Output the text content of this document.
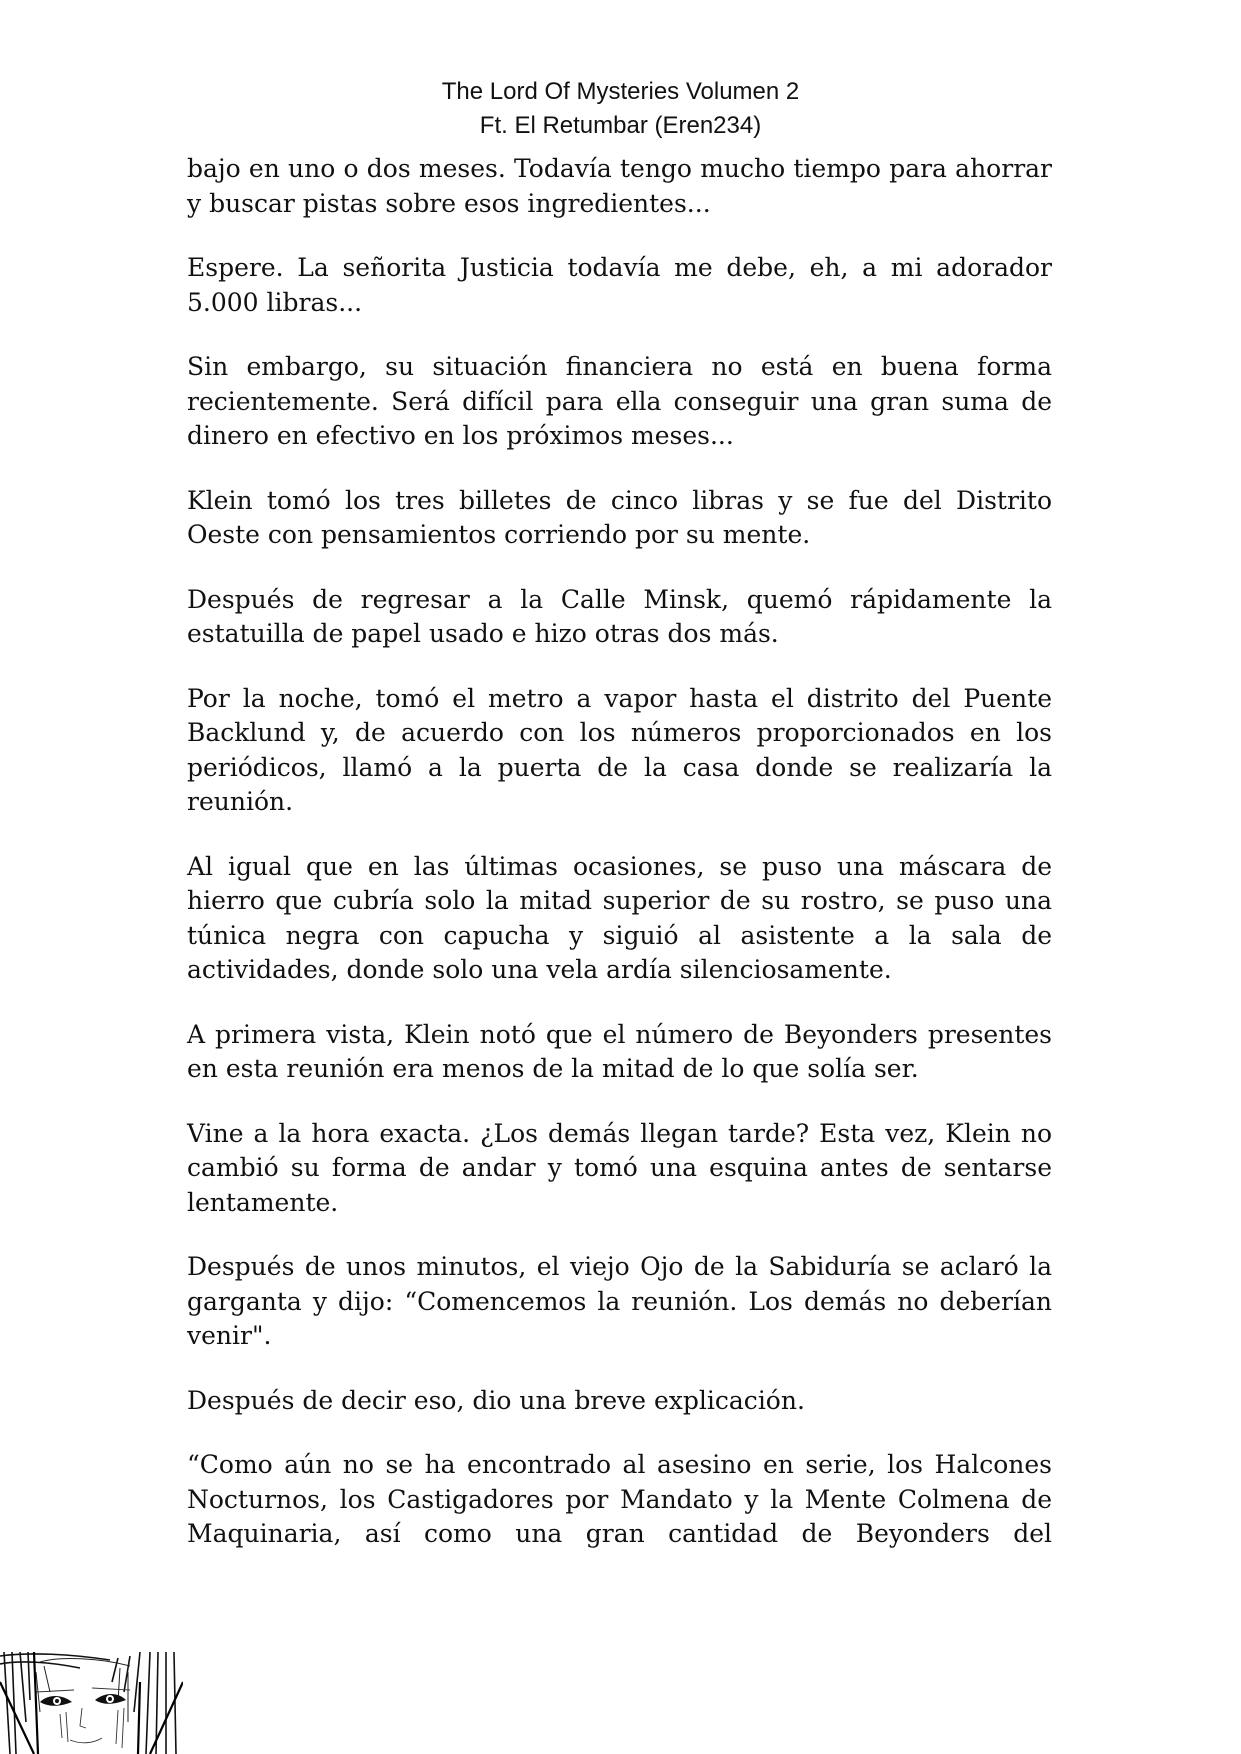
The Lord Of Mysteries Volumen 2
Ft. El Retumbar (Eren234)

bajo en uno o dos meses. Todavía tengo mucho tiempo para ahorrar y buscar pistas sobre esos ingredientes...

Espere. La señorita Justicia todavía me debe, eh, a mi adorador 5.000 libras...

Sin embargo, su situación financiera no está en buena forma recientemente. Será difícil para ella conseguir una gran suma de dinero en efectivo en los próximos meses...

Klein tomó los tres billetes de cinco libras y se fue del Distrito Oeste con pensamientos corriendo por su mente.

Después de regresar a la Calle Minsk, quemó rápidamente la estatuilla de papel usado e hizo otras dos más.

Por la noche, tomó el metro a vapor hasta el distrito del Puente Backlund y, de acuerdo con los números proporcionados en los periódicos, llamó a la puerta de la casa donde se realizaría la reunión.

Al igual que en las últimas ocasiones, se puso una máscara de hierro que cubría solo la mitad superior de su rostro, se puso una túnica negra con capucha y siguió al asistente a la sala de actividades, donde solo una vela ardía silenciosamente.

A primera vista, Klein notó que el número de Beyonders presentes en esta reunión era menos de la mitad de lo que solía ser.

Vine a la hora exacta. ¿Los demás llegan tarde? Esta vez, Klein no cambió su forma de andar y tomó una esquina antes de sentarse lentamente.

Después de unos minutos, el viejo Ojo de la Sabiduría se aclaró la garganta y dijo: “Comencemos la reunión. Los demás no deberían venir".

Después de decir eso, dio una breve explicación.

“Como aún no se ha encontrado al asesino en serie, los Halcones Nocturnos, los Castigadores por Mandato y la Mente Colmena de Maquinaria, así como una gran cantidad de Beyonders del
